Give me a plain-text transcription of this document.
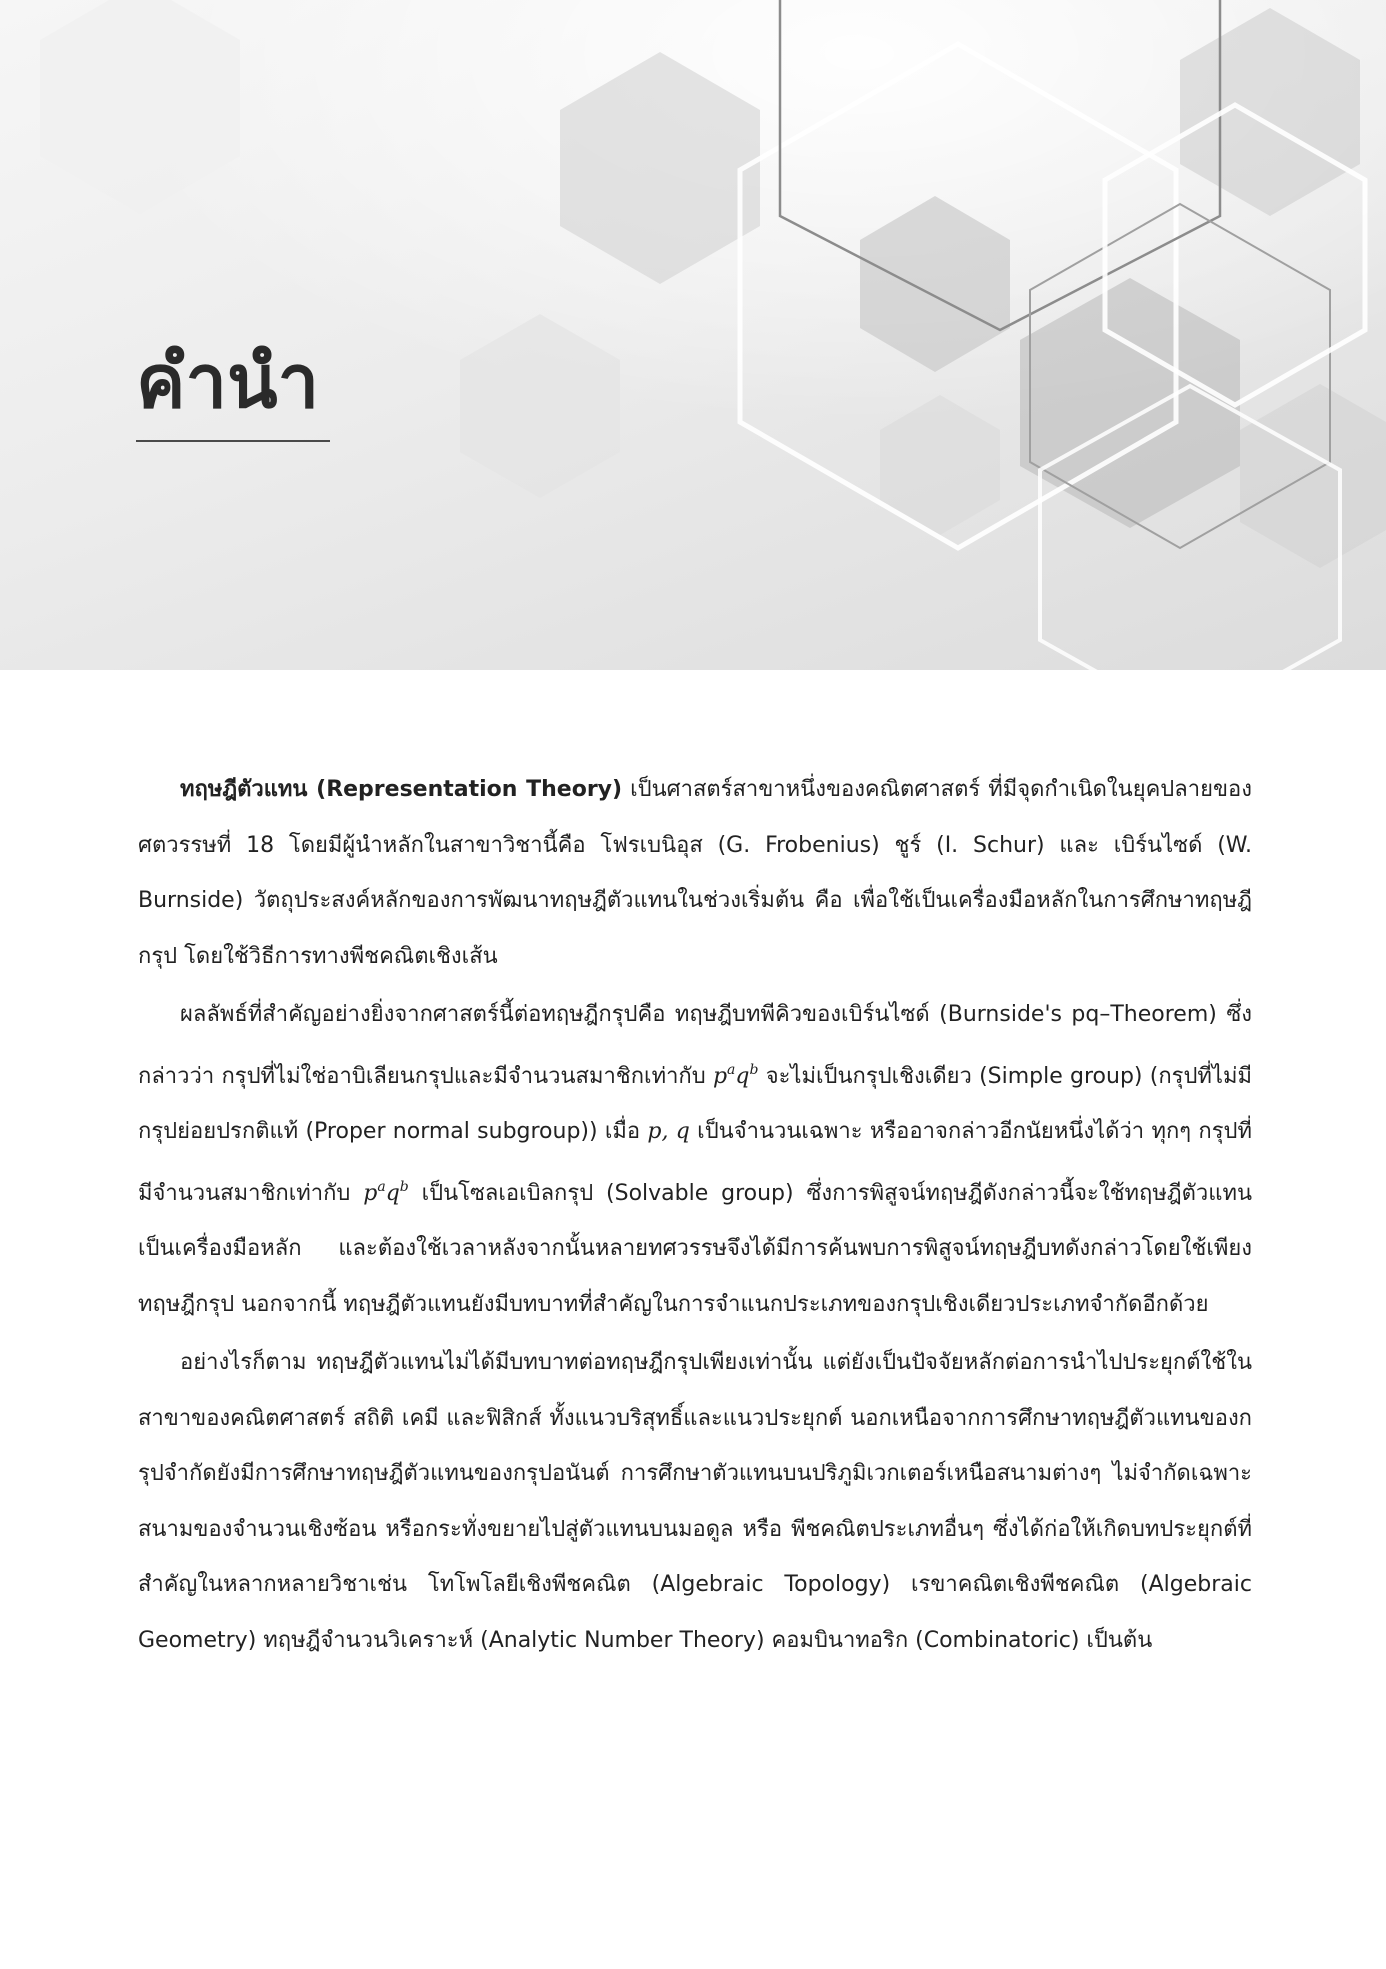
คำนำ

ทฤษฎีตัวแทน (Representation Theory) เป็นศาสตร์สาขาหนึ่งของคณิตศาสตร์ ที่มีจุดกำเนิดในยุคปลายของศตวรรษที่ 18 โดยมีผู้นำหลักในสาขาวิชานี้คือ โฟรเบนิอุส (G. Frobenius) ชูร์ (I. Schur) และ เบิร์นไซด์ (W. Burnside) วัตถุประสงค์หลักของการพัฒนาทฤษฎีตัวแทนในช่วงเริ่มต้น คือ เพื่อใช้เป็นเครื่องมือหลักในการศึกษาทฤษฎีกรุป โดยใช้วิธีการทางพีชคณิตเชิงเส้น

ผลลัพธ์ที่สำคัญอย่างยิ่งจากศาสตร์นี้ต่อทฤษฎีกรุปคือ ทฤษฎีบทพีคิวของเบิร์นไซด์ (Burnside's pq–Theorem) ซึ่งกล่าวว่า กรุปที่ไม่ใช่อาบิเลียนกรุปและมีจำนวนสมาชิกเท่ากับ $p^aq^b$ จะไม่เป็นกรุปเชิงเดียว (Simple group) (กรุปที่ไม่มีกรุปย่อยปรกติแท้ (Proper normal subgroup)) เมื่อ p, q เป็นจำนวนเฉพาะ หรืออาจกล่าวอีกนัยหนึ่งได้ว่า ทุกๆ กรุปที่มีจำนวนสมาชิกเท่ากับ $p^aq^b$ เป็นโซลเอเบิลกรุป (Solvable group) ซึ่งการพิสูจน์ทฤษฎีดังกล่าวนี้จะใช้ทฤษฎีตัวแทนเป็นเครื่องมือหลัก และต้องใช้เวลาหลังจากนั้นหลายทศวรรษจึงได้มีการค้นพบการพิสูจน์ทฤษฎีบทดังกล่าวโดยใช้เพียงทฤษฎีกรุป นอกจากนี้ ทฤษฎีตัวแทนยังมีบทบาทที่สำคัญในการจำแนกประเภทของกรุปเชิงเดียวประเภทจำกัดอีกด้วย

อย่างไรก็ตาม ทฤษฎีตัวแทนไม่ได้มีบทบาทต่อทฤษฎีกรุปเพียงเท่านั้น แต่ยังเป็นปัจจัยหลักต่อการนำไปประยุกต์ใช้ในสาขาของคณิตศาสตร์ สถิติ เคมี และฟิสิกส์ ทั้งแนวบริสุทธิ์และแนวประยุกต์ นอกเหนือจากการศึกษาทฤษฎีตัวแทนของกรุปจำกัดยังมีการศึกษาทฤษฎีตัวแทนของกรุปอนันต์ การศึกษาตัวแทนบนปริภูมิเวกเตอร์เหนือสนามต่างๆ ไม่จำกัดเฉพาะสนามของจำนวนเชิงซ้อน หรือกระทั่งขยายไปสู่ตัวแทนบนมอดูล หรือ พีชคณิตประเภทอื่นๆ ซึ่งได้ก่อให้เกิดบทประยุกต์ที่สำคัญในหลากหลายวิชาเช่น โทโพโลยีเชิงพีชคณิต (Algebraic Topology) เรขาคณิตเชิงพีชคณิต (Algebraic Geometry) ทฤษฎีจำนวนวิเคราะห์ (Analytic Number Theory) คอมบินาทอริก (Combinatoric) เป็นต้น
